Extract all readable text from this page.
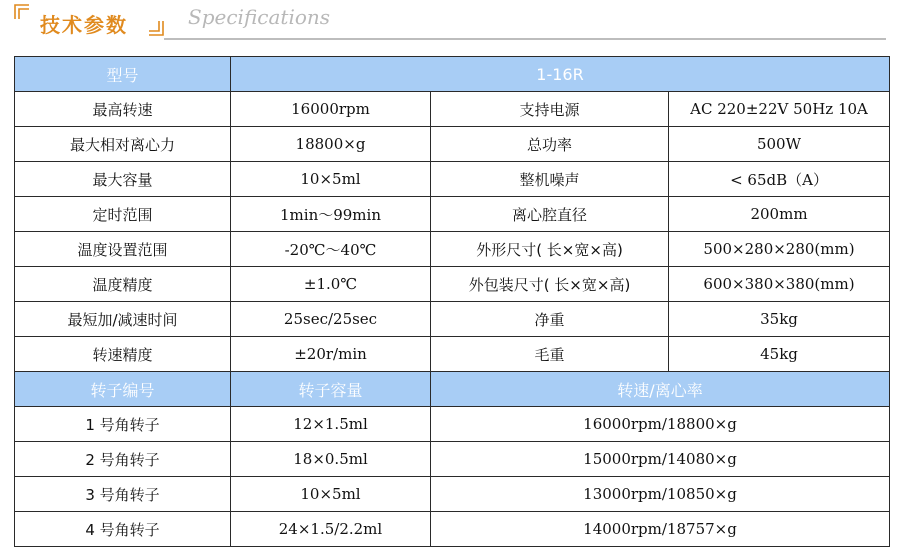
技术参数	Specifications
型号	1-16R		
最高转速	16000rpm	支持电源	AC 220±22V 50Hz 10A
最大相对离心力	18800×g	总功率	500W
最大容量	10×5ml	整机噪声	< 65dB（A）
定时范围	1min～99min	离心腔直径	200mm
温度设置范围	-20℃～40℃	外形尺寸( 长×宽×高)	500×280×280(mm)
温度精度	±1.0℃	外包装尺寸( 长×宽×高)	600×380×380(mm)
最短加/减速时间	25sec/25sec	净重	35kg
转速精度	±20r/min	毛重	45kg
转子编号	转子容量	转速/离心率	
1 号角转子	12×1.5ml	16000rpm/18800×g	
2 号角转子	18×0.5ml	15000rpm/14080×g	
3 号角转子	10×5ml	13000rpm/10850×g	
4 号角转子	24×1.5/2.2ml	14000rpm/18757×g	
